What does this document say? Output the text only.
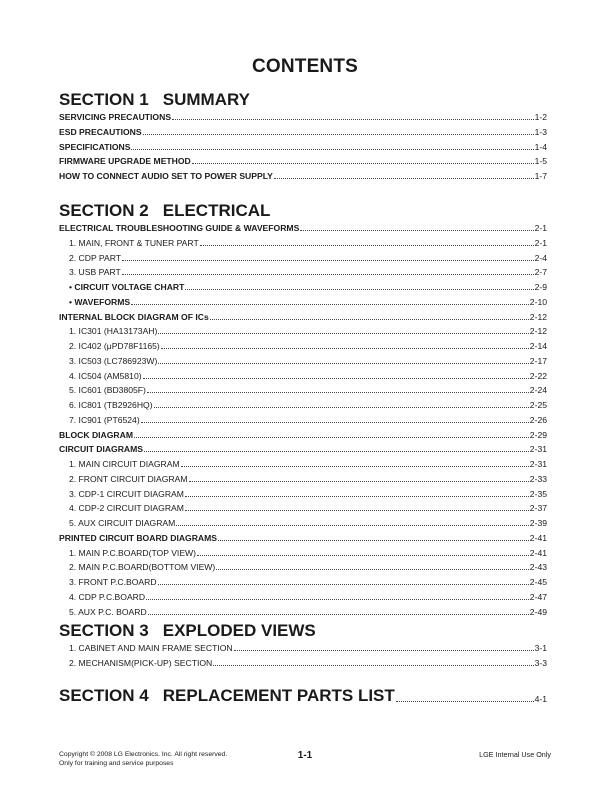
CONTENTS
SECTION 1 SUMMARY
SERVICING PRECAUTIONS	1-2
ESD PRECAUTIONS	1-3
SPECIFICATIONS	1-4
FIRMWARE UPGRADE METHOD	1-5
HOW TO CONNECT AUDIO SET TO POWER SUPPLY	1-7
SECTION 2 ELECTRICAL
ELECTRICAL TROUBLESHOOTING GUIDE & WAVEFORMS	2-1
1. MAIN, FRONT & TUNER PART	2-1
2. CDP PART	2-4
3. USB PART	2-7
• CIRCUIT VOLTAGE CHART	2-9
• WAVEFORMS	2-10
INTERNAL BLOCK DIAGRAM OF ICs	2-12
1. IC301 (HA13173AH)	2-12
2. IC402 (μPD78F1165)	2-14
3. IC503 (LC786923W)	2-17
4. IC504 (AM5810)	2-22
5. IC601 (BD3805F)	2-24
6. IC801 (TB2926HQ)	2-25
7. IC901 (PT6524)	2-26
BLOCK DIAGRAM	2-29
CIRCUIT DIAGRAMS	2-31
1. MAIN CIRCUIT DIAGRAM	2-31
2. FRONT CIRCUIT DIAGRAM	2-33
3. CDP-1 CIRCUIT DIAGRAM	2-35
4. CDP-2 CIRCUIT DIAGRAM	2-37
5. AUX CIRCUIT DIAGRAM	2-39
PRINTED CIRCUIT BOARD DIAGRAMS	2-41
1. MAIN P.C.BOARD(TOP VIEW)	2-41
2. MAIN P.C.BOARD(BOTTOM VIEW)	2-43
3. FRONT P.C.BOARD	2-45
4. CDP P.C.BOARD	2-47
5. AUX P.C. BOARD	2-49
SECTION 3 EXPLODED VIEWS
1. CABINET AND MAIN FRAME SECTION	3-1
2. MECHANISM(PICK-UP) SECTION	3-3
SECTION 4 REPLACEMENT PARTS LIST	4-1
Copyright © 2008 LG Electronics. Inc. All right reserved.
Only for training and service purposes
1-1	LGE Internal Use Only
